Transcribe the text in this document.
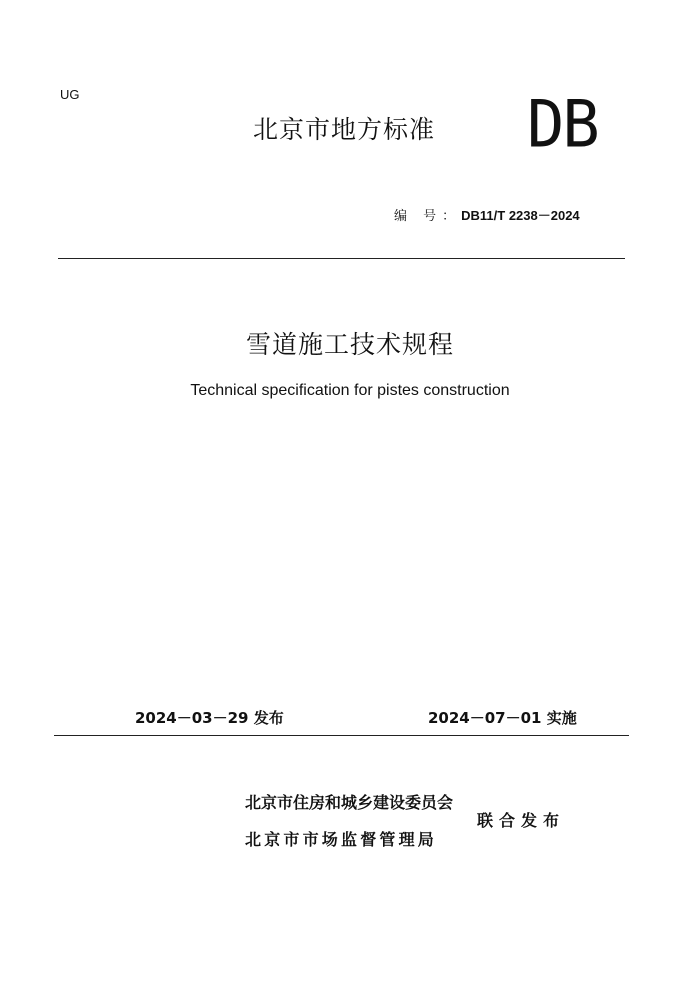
UG
北京市地方标准 DB
编 号：DB11/T 2238－2024
雪道施工技术规程
Technical specification for pistes construction
2024－03－29 发布	2024－07－01 实施
北京市住房和城乡建设委员会
北京市市场监督管理局
联合发布
